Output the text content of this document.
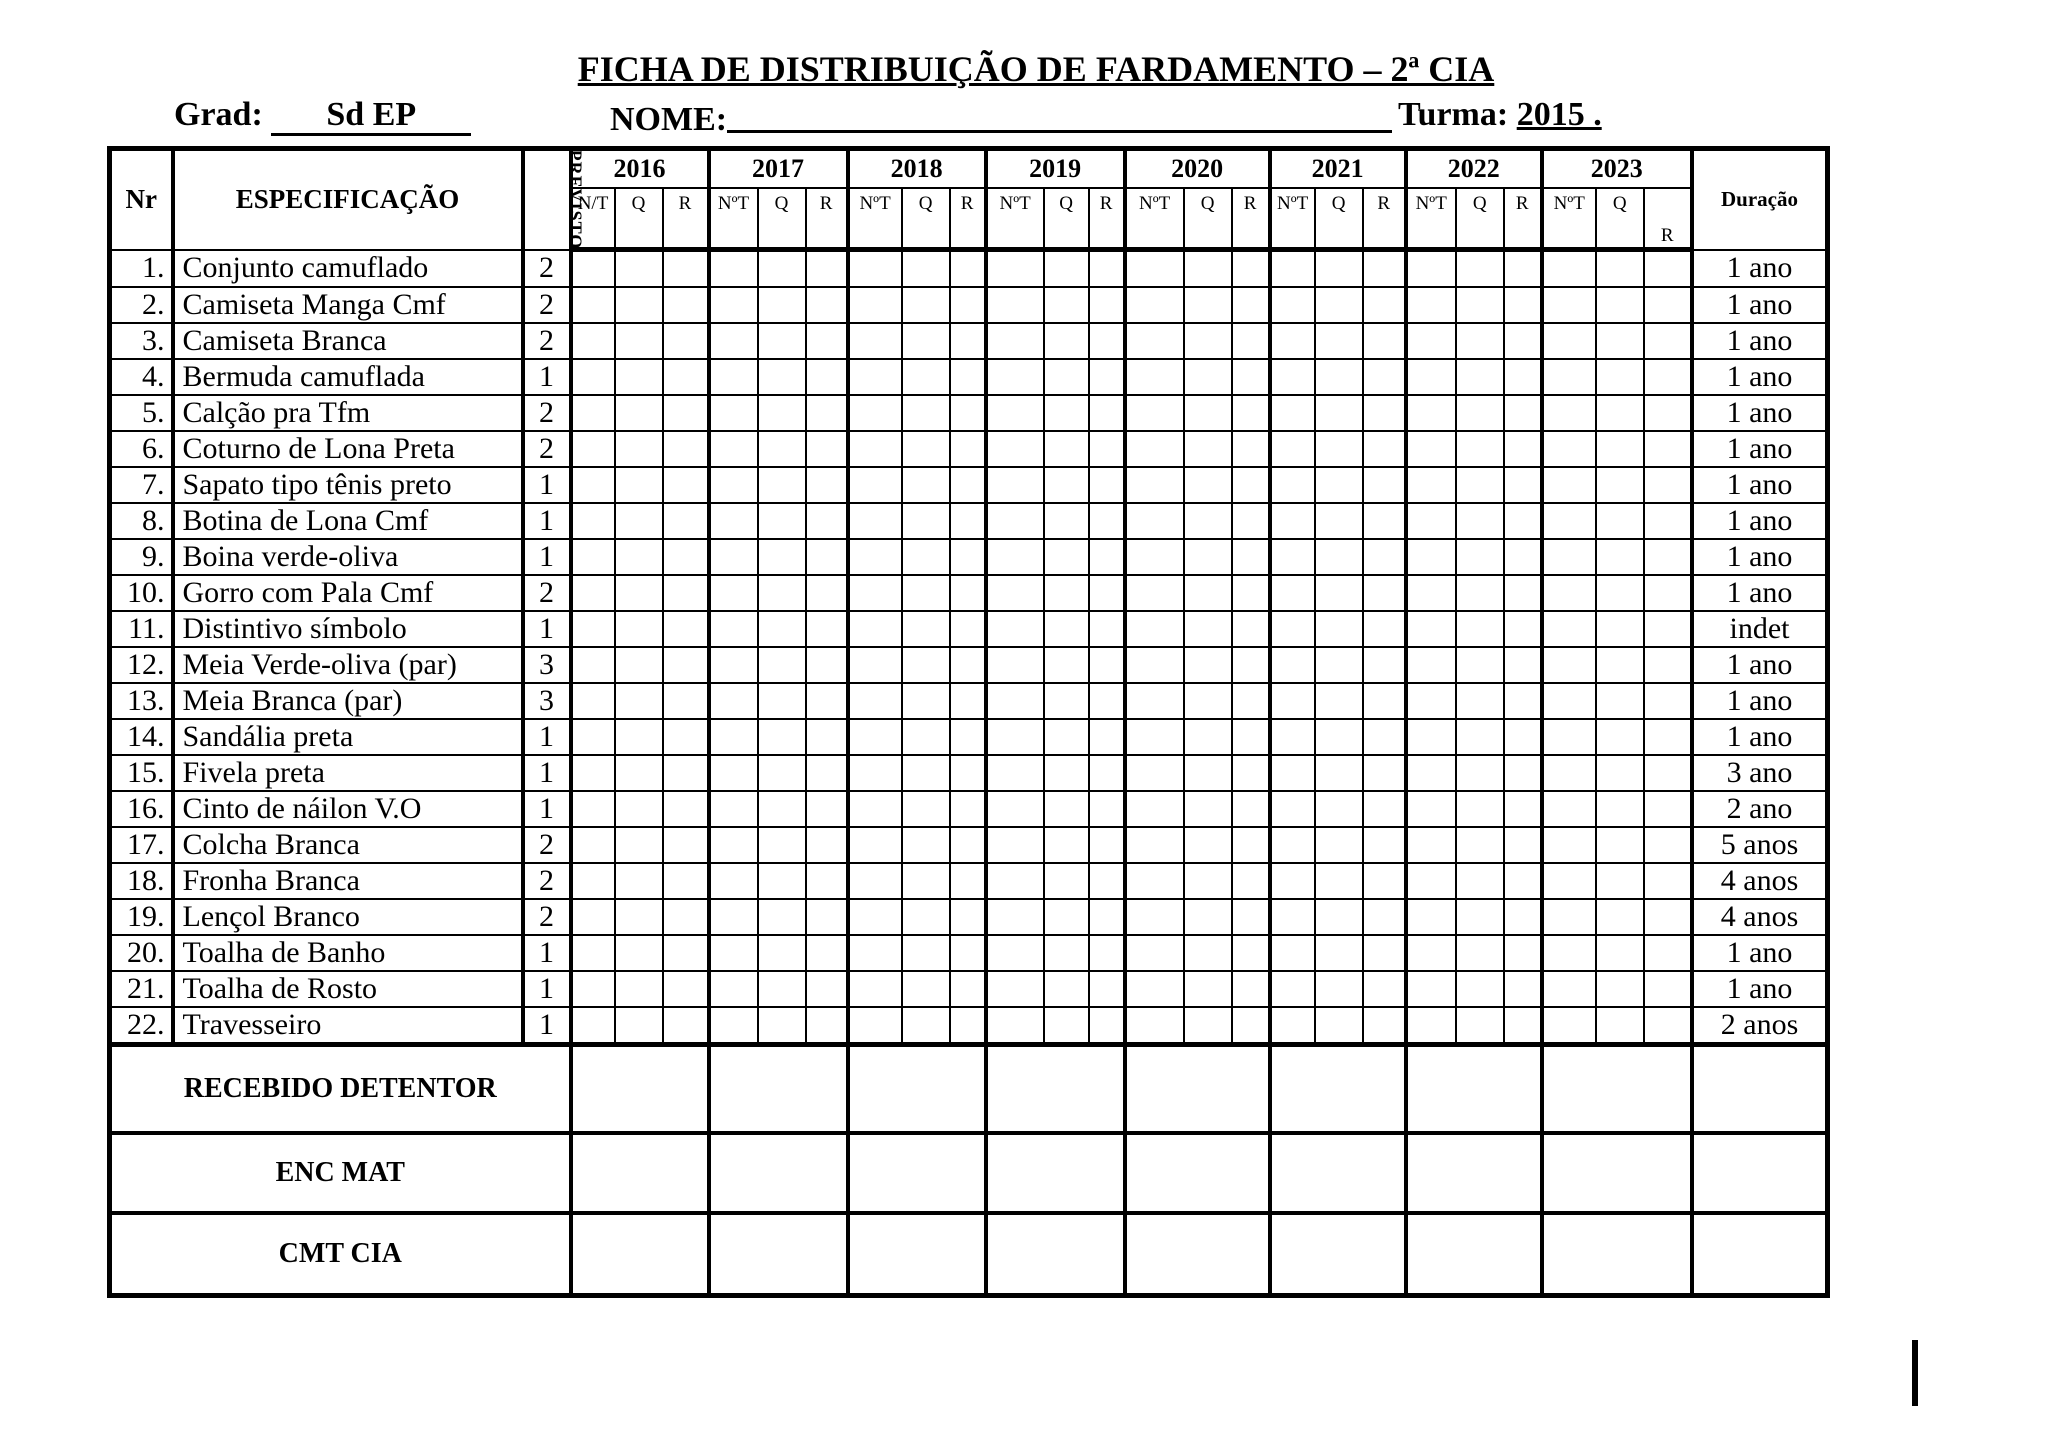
FICHA DE DISTRIBUIÇÃO DE FARDAMENTO – 2ª CIA
Grad: Sd EP	NOME:	Turma: 2015 .
Nr	ESPECIFICAÇÃO	PREVISTO	2016			2017			2018			2019			2020			2021			2022			2023			Duração
			N/T	Q	R	NºT	Q	R	NºT	Q	R	NºT	Q	R	NºT	Q	R	NºT	Q	R	NºT	Q	R	NºT	Q	R	
1.	Conjunto camuflado	2																									1 ano
2.	Camiseta Manga Cmf	2																									1 ano
3.	Camiseta Branca	2																									1 ano
4.	Bermuda camuflada	1																									1 ano
5.	Calção pra Tfm	2																									1 ano
6.	Coturno de Lona Preta	2																									1 ano
7.	Sapato tipo tênis preto	1																									1 ano
8.	Botina de Lona Cmf	1																									1 ano
9.	Boina verde-oliva	1																									1 ano
10.	Gorro com Pala Cmf	2																									1 ano
11.	Distintivo símbolo	1																									indet
12.	Meia Verde-oliva (par)	3																									1 ano
13.	Meia Branca (par)	3																									1 ano
14.	Sandália preta	1																									1 ano
15.	Fivela preta	1																									3 ano
16.	Cinto de náilon V.O	1																									2 ano
17.	Colcha Branca	2																									5 anos
18.	Fronha Branca	2																									4 anos
19.	Lençol Branco	2																									4 anos
20.	Toalha de Banho	1																									1 ano
21.	Toalha de Rosto	1																									1 ano
22.	Travesseiro	1																									2 anos
RECEBIDO DETENTOR																											
ENC MAT																											
CMT CIA																											
